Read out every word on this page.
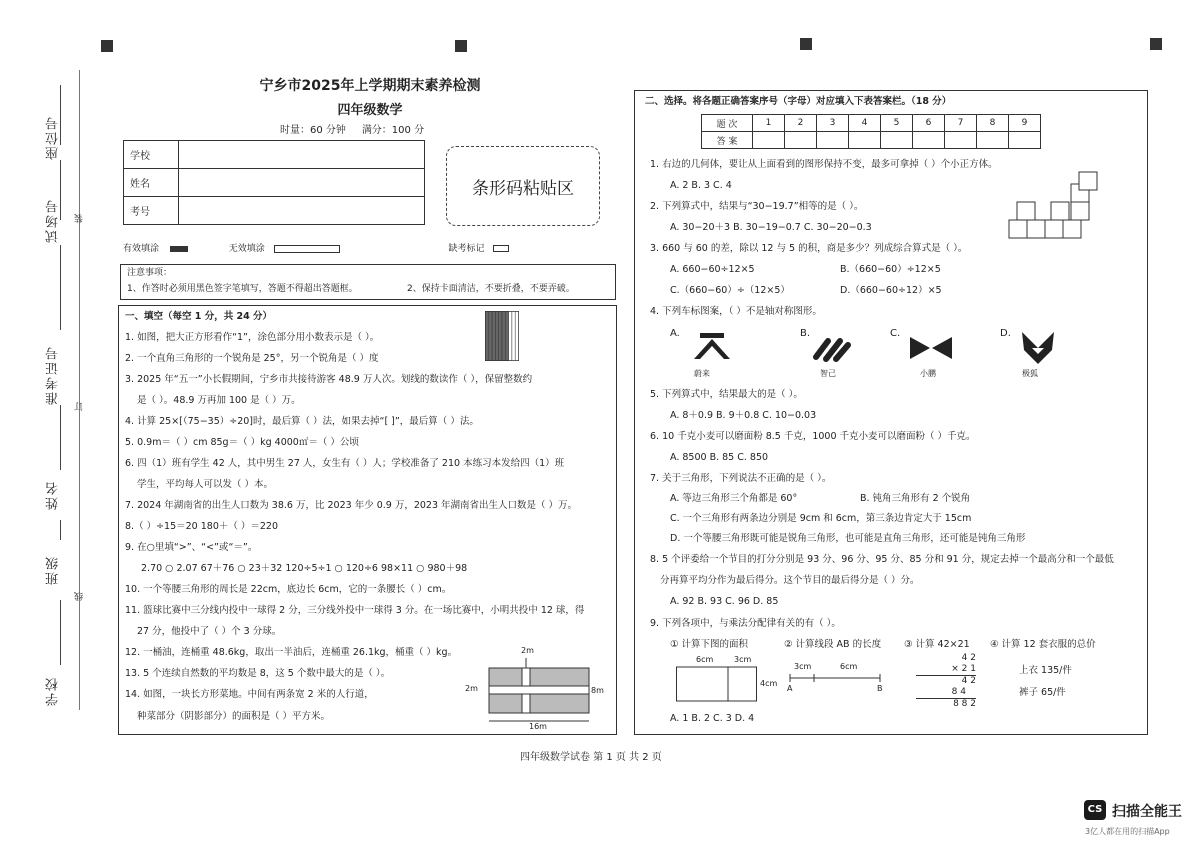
座位号
试场号
准考证号
姓名
班级
学校
装
订
线
宁乡市2025年上学期期末素养检测
四年级数学
时量：60 分钟 满分：100 分
学校	
姓名	
考号	
条形码粘贴区
有效填涂	无效填涂	缺考标记
注意事项：
1、作答时必须用黑色签字笔填写，答题不得超出答题框。	2、保持卡面清洁，不要折叠，不要弄破。
一、填空（每空 1 分，共 24 分）
1. 如图，把大正方形看作“1”，涂色部分用小数表示是（ ）。
2. 一个直角三角形的一个锐角是 25°，另一个锐角是（ ）度
3. 2025 年“五一”小长假期间，宁乡市共接待游客 48.9 万人次。划线的数读作（ ），保留整数约
是（ ）。48.9 万再加 100 是（ ）万。
4. 计算 25×[（75−35）÷20]时，最后算（ ）法，如果去掉“[ ]”，最后算（ ）法。
5. 0.9m＝（ ）cm 85g＝（ ）kg 4000㎡＝（ ）公顷
6. 四（1）班有学生 42 人，其中男生 27 人，女生有（ ）人；学校准备了 210 本练习本发给四（1）班
学生，平均每人可以发（ ）本。
7. 2024 年湖南省的出生人口数为 38.6 万，比 2023 年少 0.9 万，2023 年湖南省出生人口数是（ ）万。
8.（ ）÷15＝20 180＋（ ）＝220
9. 在○里填“>”、“<”或“＝”。
2.70 ○ 2.07 67＋76 ○ 23＋32 120÷5÷1 ○ 120÷6 98×11 ○ 980＋98
10. 一个等腰三角形的周长是 22cm，底边长 6cm，它的一条腰长（ ）cm。
11. 篮球比赛中三分线内投中一球得 2 分，三分线外投中一球得 3 分。在一场比赛中，小明共投中 12 球，得
27 分，他投中了（ ）个 3 分球。
12. 一桶油，连桶重 48.6kg，取出一半油后，连桶重 26.1kg，桶重（ ）kg。
13. 5 个连续自然数的平均数是 8，这 5 个数中最大的是（ ）。
14. 如图，一块长方形菜地。中间有两条宽 2 米的人行道，
种菜部分（阴影部分）的面积是（ ）平方米。
2m
2m	8m
16m
二、选择。将各题正确答案序号（字母）对应填入下表答案栏。（18 分）
题 次	1	2	3	4	5	6	7	8	9
答 案									
1. 右边的几何体，要让从上面看到的图形保持不变，最多可拿掉（ ）个小正方体。
A. 2 B. 3 C. 4
2. 下列算式中，结果与“30−19.7”相等的是（ ）。
A. 30−20＋3 B. 30−19−0.7 C. 30−20−0.3
3. 660 与 60 的差，除以 12 与 5 的积，商是多少？列成综合算式是（ ）。
A. 660−60÷12×5	B.（660−60）÷12×5
C.（660−60）÷（12×5）	D.（660−60÷12）×5
4. 下列车标图案，（ ）不是轴对称图形。
A.
蔚来
B.
智己
C.
小鹏
D.
极狐
5. 下列算式中，结果最大的是（ ）。
A. 8＋0.9 B. 9＋0.8 C. 10−0.03
6. 10 千克小麦可以磨面粉 8.5 千克，1000 千克小麦可以磨面粉（ ）千克。
A. 8500 B. 85 C. 850
7. 关于三角形，下列说法不正确的是（ ）。
A. 等边三角形三个角都是 60°	B. 钝角三角形有 2 个锐角
C. 一个三角形有两条边分别是 9cm 和 6cm，第三条边肯定大于 15cm
D. 一个等腰三角形既可能是锐角三角形，也可能是直角三角形，还可能是钝角三角形
8. 5 个评委给一个节目的打分分别是 93 分、96 分、95 分、85 分和 91 分，规定去掉一个最高分和一个最低
分再算平均分作为最后得分。这个节目的最后得分是（ ）分。
A. 92 B. 93 C. 96 D. 85
9. 下列各项中，与乘法分配律有关的有（ ）。
① 计算下图的面积	② 计算线段 AB 的长度 ③ 计算 42×21 ④ 计算 12 套衣服的总价
6cm	3cm
4cm
3cm	6cm
A	B
4 2
× 2 1
4 2
8 4
8 8 2
上衣 135/件
裤子 65/件
A. 1 B. 2 C. 3 D. 4
四年级数学试卷 第 1 页 共 2 页
CS 扫描全能王
3亿人都在用的扫描App
